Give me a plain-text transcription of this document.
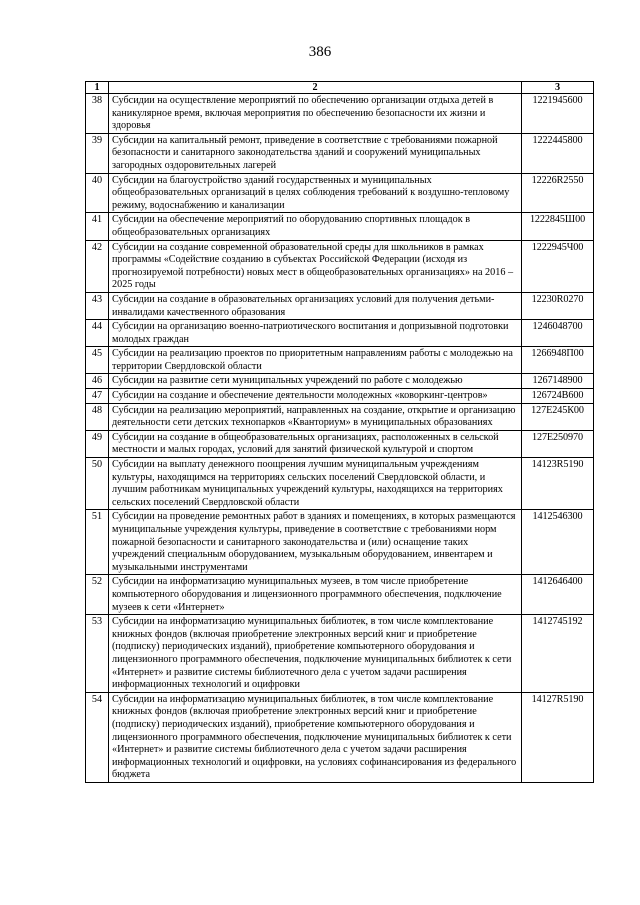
386
1	2	3
38	Субсидии на осуществление мероприятий по обеспечению организации отдыха детей в каникулярное время, включая мероприятия по обеспечению безопасности их жизни и здоровья	1221945600
39	Субсидии на капитальный ремонт, приведение в соответствие с требованиями пожарной безопасности и санитарного законодательства зданий и сооружений муниципальных загородных оздоровительных лагерей	1222445800
40	Субсидии на благоустройство зданий государственных и муниципальных общеобразовательных организаций в целях соблюдения требований к воздушно-тепловому режиму, водоснабжению и канализации	12226R2550
41	Субсидии на обеспечение мероприятий по оборудованию спортивных площадок в общеобразовательных организациях	1222845Ш00
42	Субсидии на создание современной образовательной среды для школьников в рамках программы «Содействие созданию в субъектах Российской Федерации (исходя из прогнозируемой потребности) новых мест в общеобразовательных организациях» на 2016 – 2025 годы	1222945Ч00
43	Субсидии на создание в образовательных организациях условий для получения детьми-инвалидами качественного образования	12230R0270
44	Субсидии на организацию военно-патриотического воспитания и допризывной подготовки молодых граждан	1246048700
45	Субсидии на реализацию проектов по приоритетным направлениям работы с молодежью на территории Свердловской области	1266948П00
46	Субсидии на развитие сети муниципальных учреждений по работе с молодежью	1267148900
47	Субсидии на создание и обеспечение деятельности молодежных «коворкинг-центров»	126724В600
48	Субсидии на реализацию мероприятий, направленных на создание, открытие и организацию деятельности сети детских технопарков «Кванториум» в муниципальных образованиях	127E245К00
49	Субсидии на создание в общеобразовательных организациях, расположенных в сельской местности и малых городах, условий для занятий физической культурой и спортом	127E250970
50	Субсидии на выплату денежного поощрения лучшим муниципальным учреждениям культуры, находящимся на территориях сельских поселений Свердловской области, и лучшим работникам муниципальных учреждений культуры, находящихся на территориях сельских поселений Свердловской области	14123R5190
51	Субсидии на проведение ремонтных работ в зданиях и помещениях, в которых размещаются муниципальные учреждения культуры, приведение в соответствие с требованиями норм пожарной безопасности и санитарного законодательства и (или) оснащение таких учреждений специальным оборудованием, музыкальным оборудованием, инвентарем и музыкальными инструментами	1412546300
52	Субсидии на информатизацию муниципальных музеев, в том числе приобретение компьютерного оборудования и лицензионного программного обеспечения, подключение музеев к сети «Интернет»	1412646400
53	Субсидии на информатизацию муниципальных библиотек, в том числе комплектование книжных фондов (включая приобретение электронных версий книг и приобретение (подписку) периодических изданий), приобретение компьютерного оборудования и лицензионного программного обеспечения, подключение муниципальных библиотек к сети «Интернет» и развитие системы библиотечного дела с учетом задачи расширения информационных технологий и оцифровки	1412745192
54	Субсидии на информатизацию муниципальных библиотек, в том числе комплектование книжных фондов (включая приобретение электронных версий книг и приобретение (подписку) периодических изданий), приобретение компьютерного оборудования и лицензионного программного обеспечения, подключение муниципальных библиотек к сети «Интернет» и развитие системы библиотечного дела с учетом задачи расширения информационных технологий и оцифровки, на условиях софинансирования из федерального бюджета	14127R5190
